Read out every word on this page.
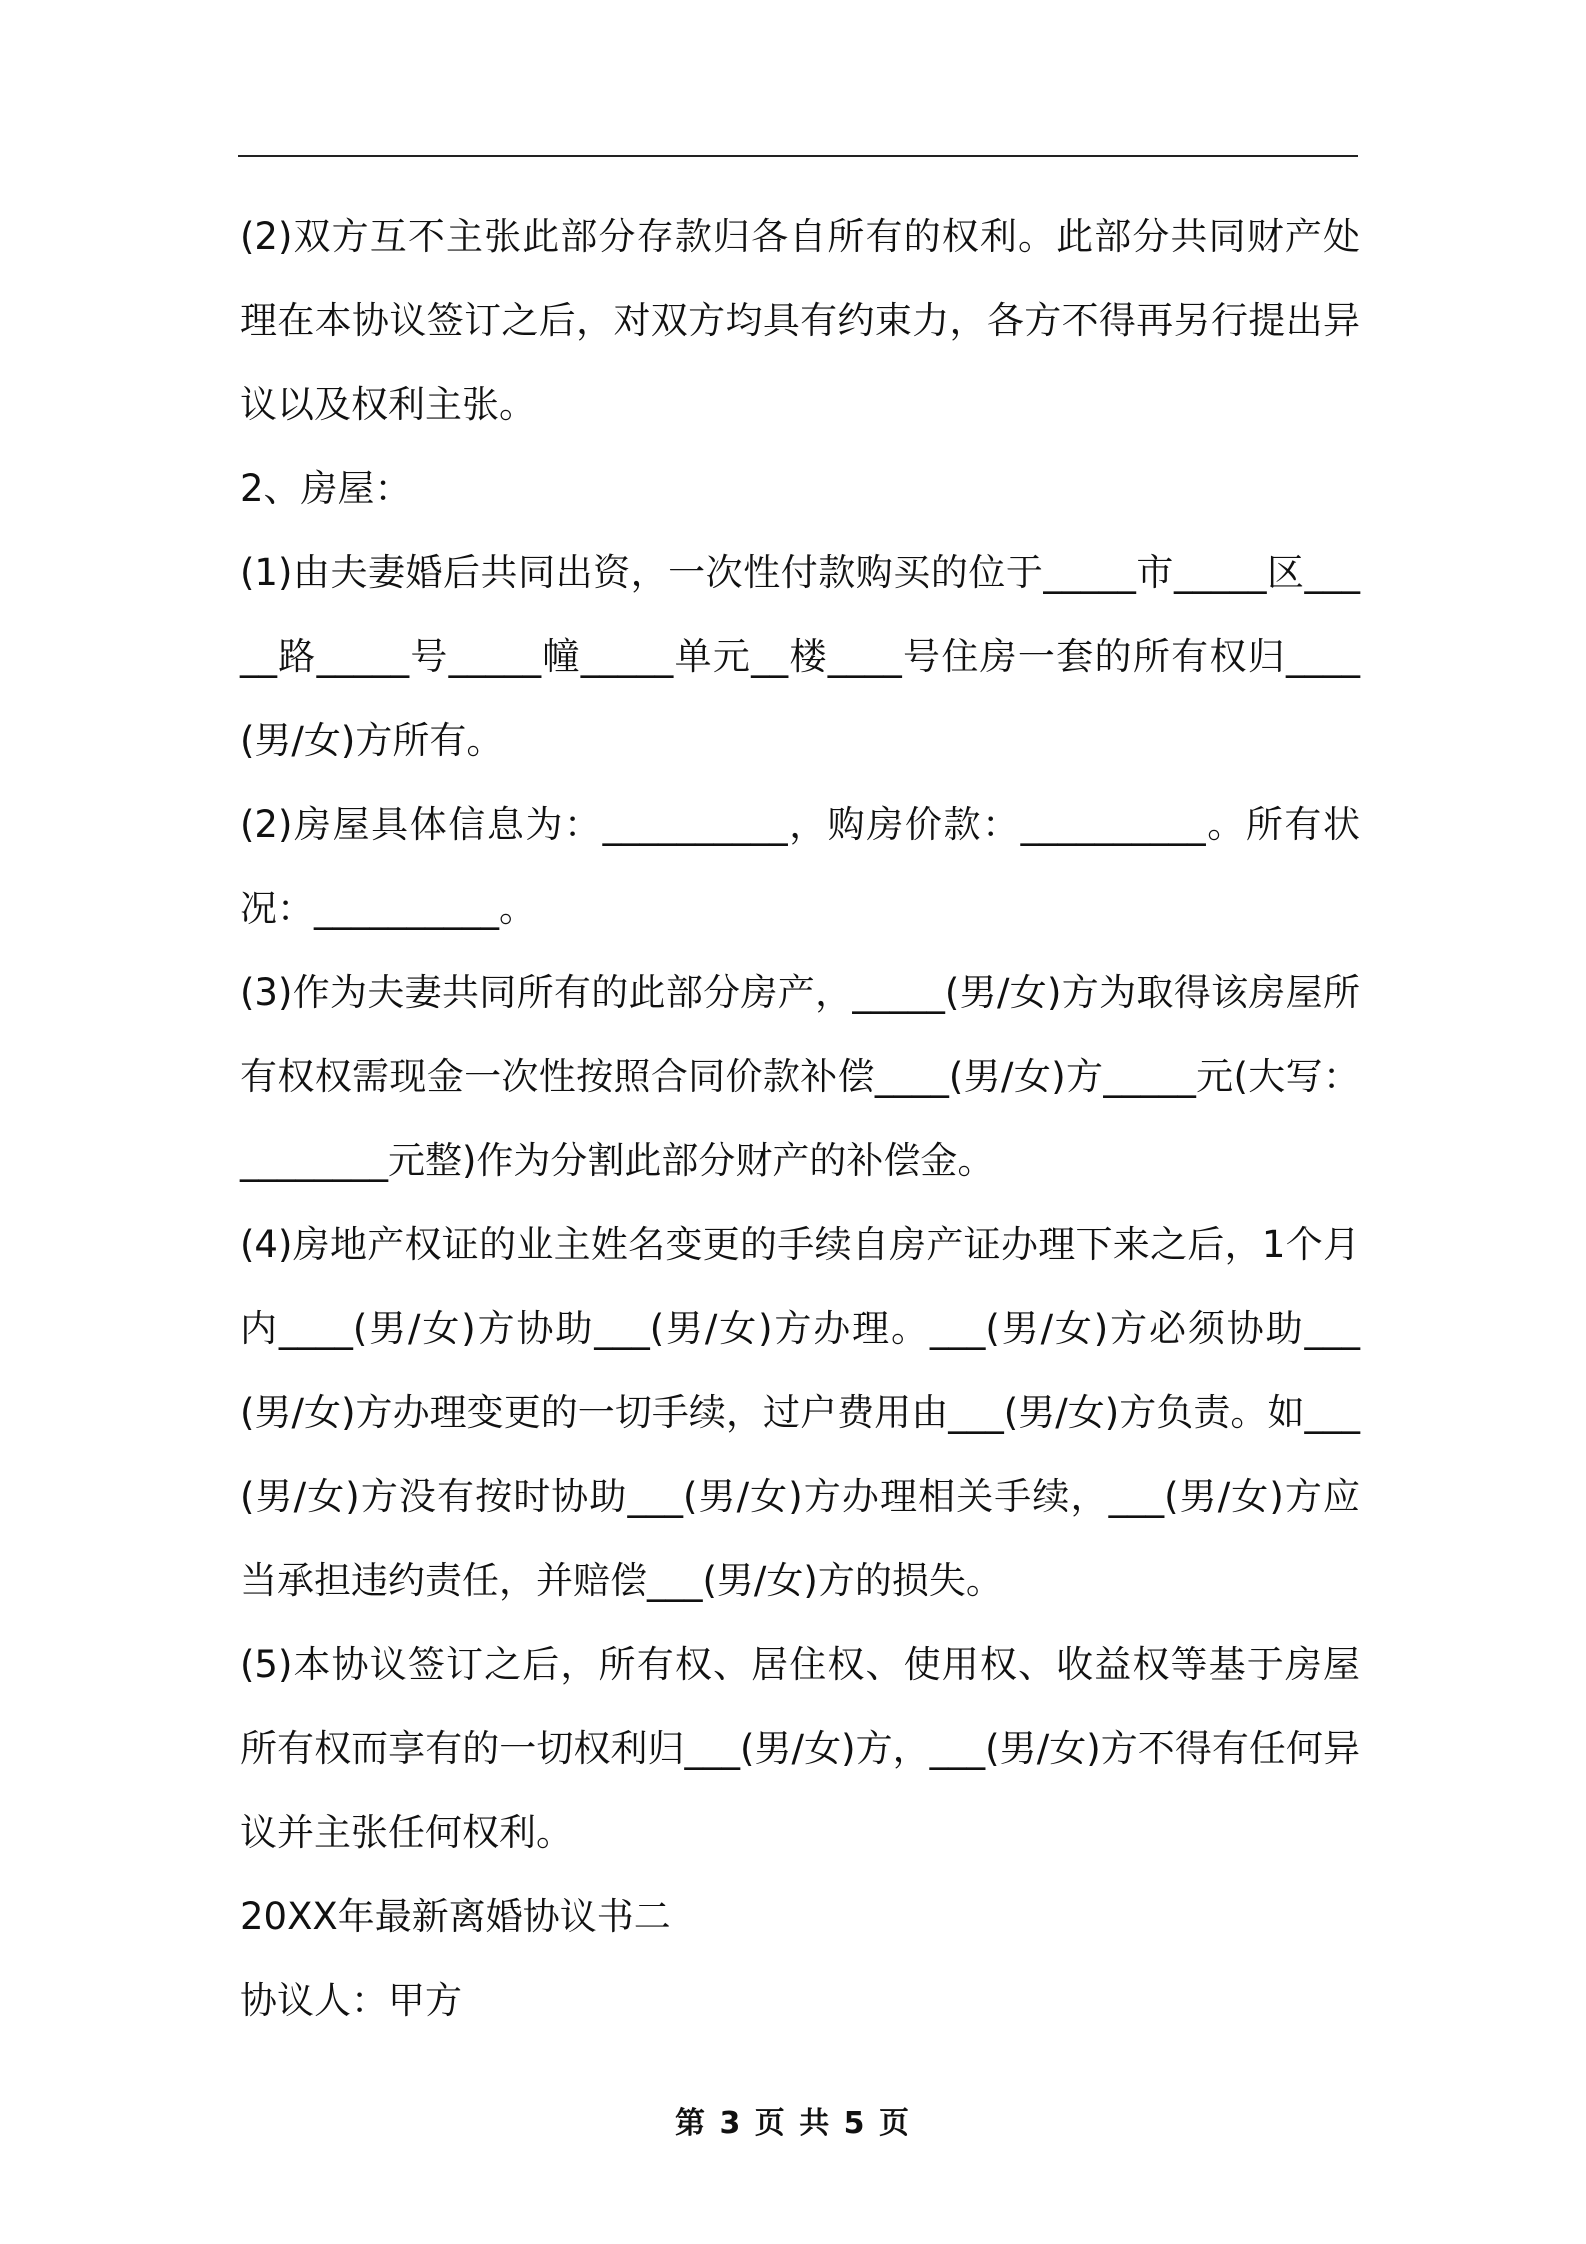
(2)双方互不主张此部分存款归各自所有的权利。此部分共同财产处理在本协议签订之后，对双方均具有约束力，各方不得再另行提出异议以及权利主张。

2、房屋：

(1)由夫妻婚后共同出资，一次性付款购买的位于_____市_____区_____路_____号_____幢_____单元__楼____号住房一套的所有权归____(男/女)方所有。

(2)房屋具体信息为：__________，购房价款：__________。所有状况：__________。

(3)作为夫妻共同所有的此部分房产，_____(男/女)方为取得该房屋所有权权需现金一次性按照合同价款补偿____(男/女)方_____元(大写：________元整)作为分割此部分财产的补偿金。

(4)房地产权证的业主姓名变更的手续自房产证办理下来之后，1个月内____(男/女)方协助___(男/女)方办理。___(男/女)方必须协助___(男/女)方办理变更的一切手续，过户费用由___(男/女)方负责。如___(男/女)方没有按时协助___(男/女)方办理相关手续，___(男/女)方应当承担违约责任，并赔偿___(男/女)方的损失。

(5)本协议签订之后，所有权、居住权、使用权、收益权等基于房屋所有权而享有的一切权利归___(男/女)方，___(男/女)方不得有任何异议并主张任何权利。

20XX年最新离婚协议书二

协议人：甲方

第 3 页 共 5 页
